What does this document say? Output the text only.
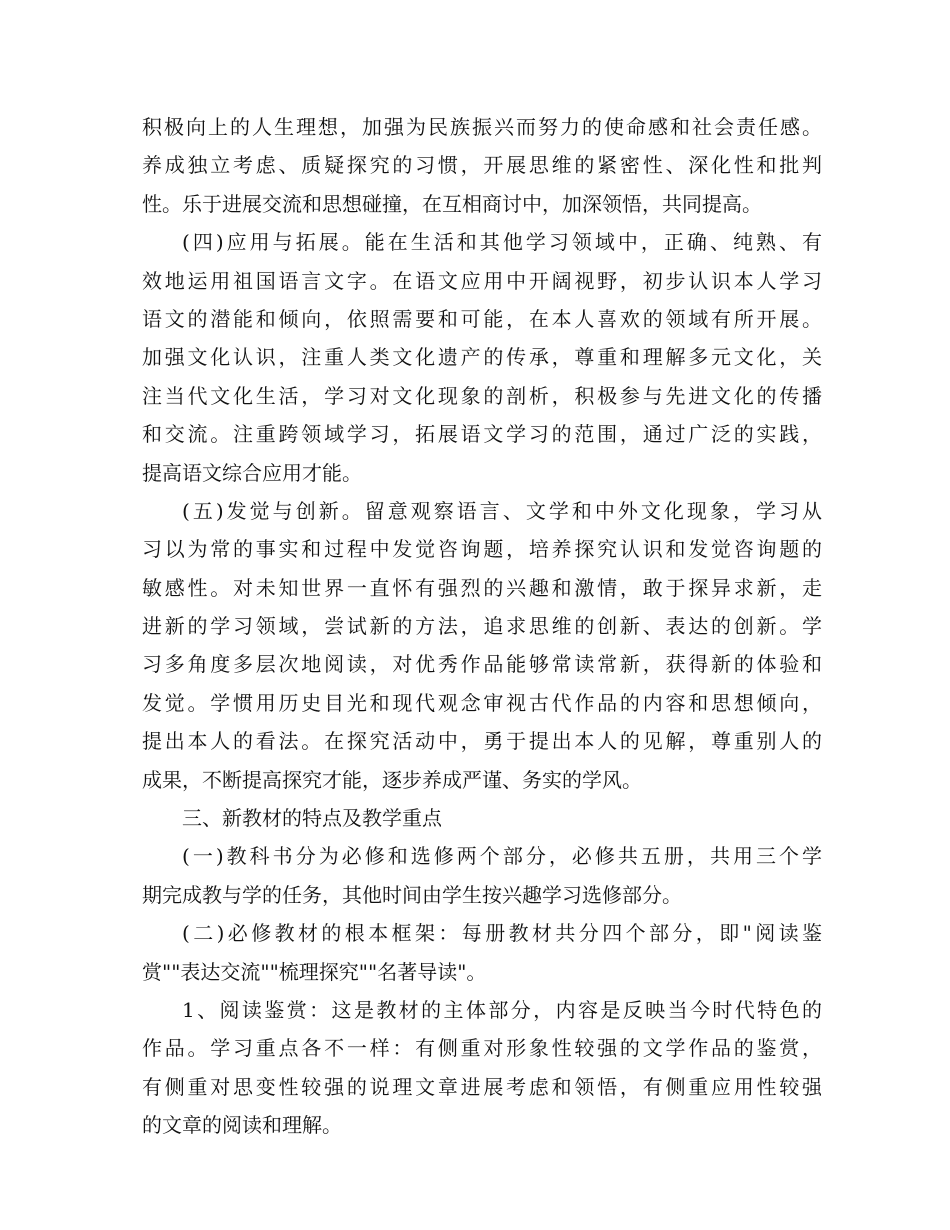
积极向上的人生理想，加强为民族振兴而努力的使命感和社会责任感。
养成独立考虑、质疑探究的习惯，开展思维的紧密性、深化性和批判
性。乐于进展交流和思想碰撞，在互相商讨中，加深领悟，共同提高。
(四)应用与拓展。能在生活和其他学习领域中，正确、纯熟、有
效地运用祖国语言文字。在语文应用中开阔视野，初步认识本人学习
语文的潜能和倾向，依照需要和可能，在本人喜欢的领域有所开展。
加强文化认识，注重人类文化遗产的传承，尊重和理解多元文化，关
注当代文化生活，学习对文化现象的剖析，积极参与先进文化的传播
和交流。注重跨领域学习，拓展语文学习的范围，通过广泛的实践，
提高语文综合应用才能。
(五)发觉与创新。留意观察语言、文学和中外文化现象，学习从
习以为常的事实和过程中发觉咨询题，培养探究认识和发觉咨询题的
敏感性。对未知世界一直怀有强烈的兴趣和激情，敢于探异求新，走
进新的学习领域，尝试新的方法，追求思维的创新、表达的创新。学
习多角度多层次地阅读，对优秀作品能够常读常新，获得新的体验和
发觉。学惯用历史目光和现代观念审视古代作品的内容和思想倾向，
提出本人的看法。在探究活动中，勇于提出本人的见解，尊重别人的
成果，不断提高探究才能，逐步养成严谨、务实的学风。
三、新教材的特点及教学重点
(一)教科书分为必修和选修两个部分，必修共五册，共用三个学
期完成教与学的任务，其他时间由学生按兴趣学习选修部分。
(二)必修教材的根本框架：每册教材共分四个部分，即"阅读鉴
赏""表达交流""梳理探究""名著导读"。
1、阅读鉴赏：这是教材的主体部分，内容是反映当今时代特色的
作品。学习重点各不一样：有侧重对形象性较强的文学作品的鉴赏，
有侧重对思变性较强的说理文章进展考虑和领悟，有侧重应用性较强
的文章的阅读和理解。
